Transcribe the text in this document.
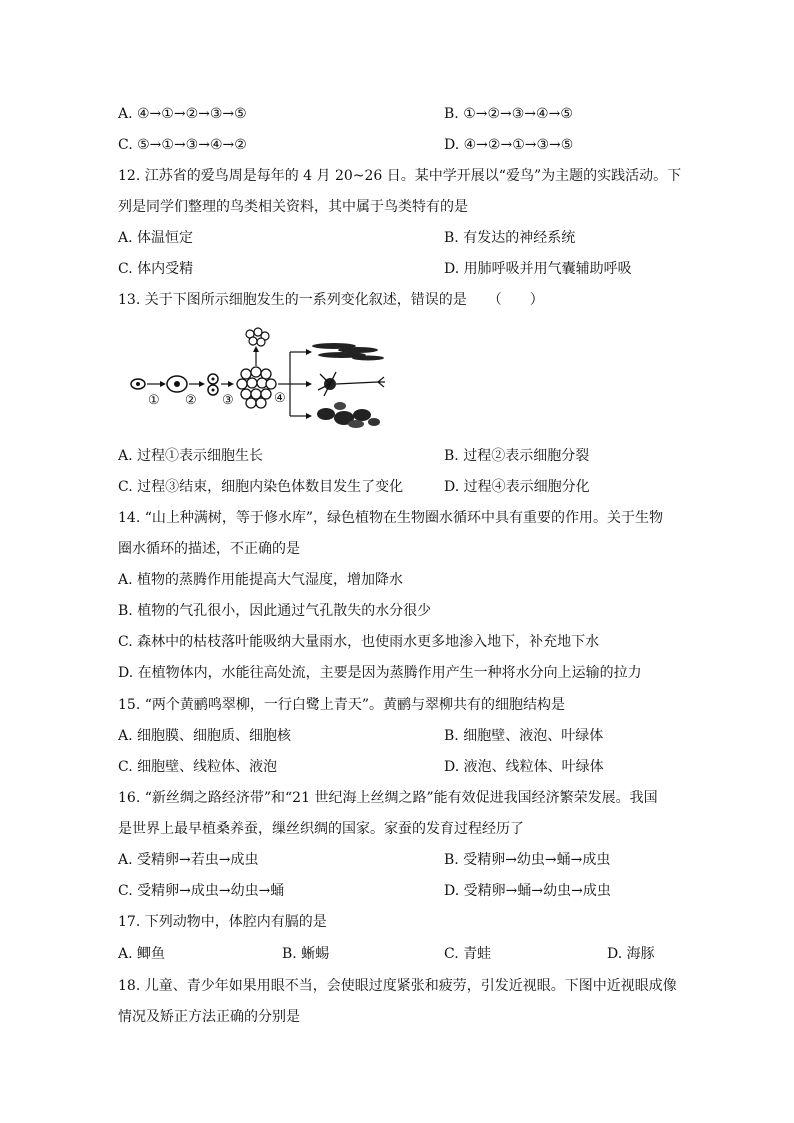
A. ④→①→②→③→⑤	B. ①→②→③→④→⑤
C. ⑤→①→③→④→②	D. ④→②→①→③→⑤
12. 江苏省的爱鸟周是每年的 4 月 20~26 日。某中学开展以“爱鸟”为主题的实践活动。下
列是同学们整理的鸟类相关资料，其中属于鸟类特有的是
A. 体温恒定	B. 有发达的神经系统
C. 体内受精	D. 用肺呼吸并用气囊辅助呼吸
13. 关于下图所示细胞发生的一系列变化叙述，错误的是　　（　　）
① ② ③	④
A. 过程①表示细胞生长	B. 过程②表示细胞分裂
C. 过程③结束，细胞内染色体数目发生了变化	D. 过程④表示细胞分化
14. “山上种满树，等于修水库”，绿色植物在生物圈水循环中具有重要的作用。关于生物
圈水循环的描述，不正确的是
A. 植物的蒸腾作用能提高大气湿度，增加降水
B. 植物的气孔很小，因此通过气孔散失的水分很少
C. 森林中的枯枝落叶能吸纳大量雨水，也使雨水更多地渗入地下，补充地下水
D. 在植物体内，水能往高处流，主要是因为蒸腾作用产生一种将水分向上运输的拉力
15. “两个黄鹂鸣翠柳，一行白鹭上青天”。黄鹂与翠柳共有的细胞结构是
A. 细胞膜、细胞质、细胞核	B. 细胞壁、液泡、叶绿体
C. 细胞壁、线粒体、液泡	D. 液泡、线粒体、叶绿体
16. “新丝绸之路经济带”和“21 世纪海上丝绸之路”能有效促进我国经济繁荣发展。我国
是世界上最早植桑养蚕，缫丝织绸的国家。家蚕的发育过程经历了
A. 受精卵→若虫→成虫	B. 受精卵→幼虫→蛹→成虫
C. 受精卵→成虫→幼虫→蛹	D. 受精卵→蛹→幼虫→成虫
17. 下列动物中，体腔内有膈的是
A. 鲫鱼	B. 蜥蜴	C. 青蛙	D. 海豚
18. 儿童、青少年如果用眼不当，会使眼过度紧张和疲劳，引发近视眼。下图中近视眼成像
情况及矫正方法正确的分别是
